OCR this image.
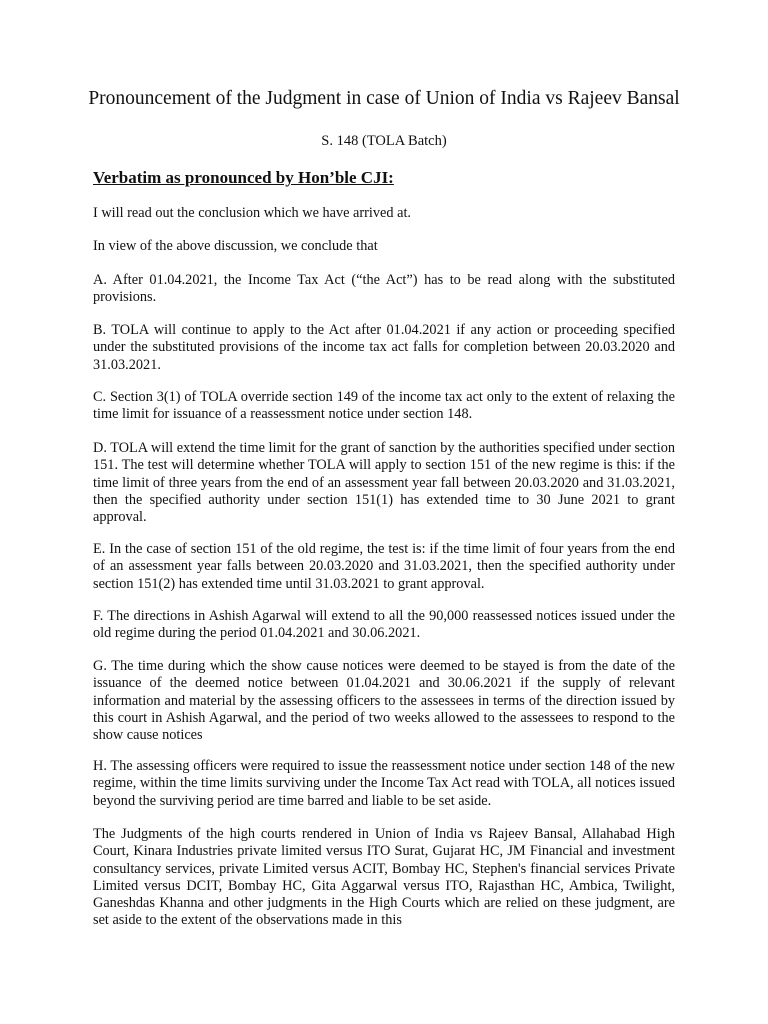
Pronouncement of the Judgment in case of Union of India vs Rajeev Bansal
S. 148 (TOLA Batch)
Verbatim as pronounced by Hon’ble CJI:

I will read out the conclusion which we have arrived at.

In view of the above discussion, we conclude that

A. After 01.04.2021, the Income Tax Act (“the Act”) has to be read along with the substituted provisions.

B. TOLA will continue to apply to the Act after 01.04.2021 if any action or proceeding specified under the substituted provisions of the income tax act falls for completion between 20.03.2020 and 31.03.2021.

C. Section 3(1) of TOLA override section 149 of the income tax act only to the extent of relaxing the time limit for issuance of a reassessment notice under section 148.

D. TOLA will extend the time limit for the grant of sanction by the authorities specified under section 151. The test will determine whether TOLA will apply to section 151 of the new regime is this: if the time limit of three years from the end of an assessment year fall between 20.03.2020 and 31.03.2021, then the specified authority under section 151(1) has extended time to 30 June 2021 to grant approval.

E. In the case of section 151 of the old regime, the test is: if the time limit of four years from the end of an assessment year falls between 20.03.2020 and 31.03.2021, then the specified authority under section 151(2) has extended time until 31.03.2021 to grant approval.

F. The directions in Ashish Agarwal will extend to all the 90,000 reassessed notices issued under the old regime during the period 01.04.2021 and 30.06.2021.

G. The time during which the show cause notices were deemed to be stayed is from the date of the issuance of the deemed notice between 01.04.2021 and 30.06.2021 if the supply of relevant information and material by the assessing officers to the assessees in terms of the direction issued by this court in Ashish Agarwal, and the period of two weeks allowed to the assessees to respond to the show cause notices

H. The assessing officers were required to issue the reassessment notice under section 148 of the new regime, within the time limits surviving under the Income Tax Act read with TOLA, all notices issued beyond the surviving period are time barred and liable to be set aside.

The Judgments of the high courts rendered in Union of India vs Rajeev Bansal, Allahabad High Court, Kinara Industries private limited versus ITO Surat, Gujarat HC, JM Financial and investment consultancy services, private Limited versus ACIT, Bombay HC, Stephen's financial services Private Limited versus DCIT, Bombay HC, Gita Aggarwal versus ITO, Rajasthan HC, Ambica, Twilight, Ganeshdas Khanna and other judgments in the High Courts which are relied on these judgment, are set aside to the extent of the observations made in this
